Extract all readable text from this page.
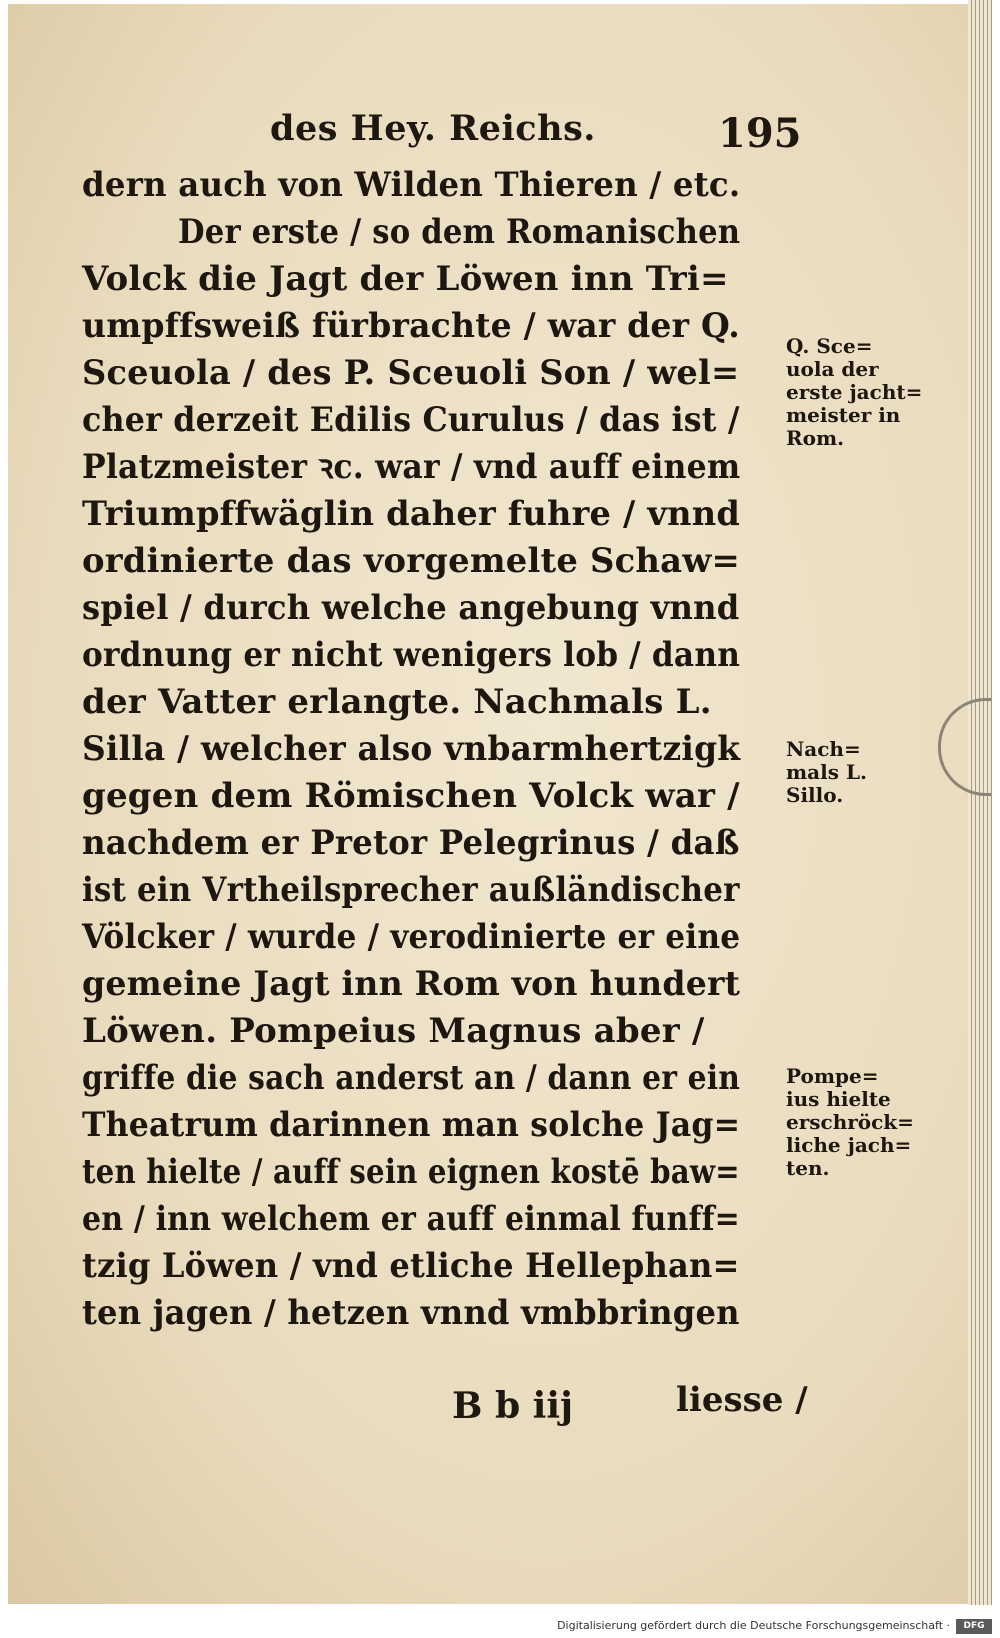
des Hey. Reichs.	195
dern auch von Wilden Thieren / etc.
Der erste / so dem Romanischen
Volck die Jagt der Löwen inn Tri=
umpffsweiß fürbrachte / war der Q.
Sceuola / des P. Sceuoli Son / wel=
cher derzeit Edilis Curulus / das ist /
Platzmeister ꝛc. war / vnd auff einem
Triumpffwäglin daher fuhre / vnnd
ordinierte das vorgemelte Schaw=
spiel / durch welche angebung vnnd
ordnung er nicht wenigers lob / dann
der Vatter erlangte. Nachmals L.
Silla / welcher also vnbarmhertzigk
gegen dem Römischen Volck war /
nachdem er Pretor Pelegrinus / daß
ist ein Vrtheilsprecher außländischer
Völcker / wurde / verodinierte er eine
gemeine Jagt inn Rom von hundert
Löwen. Pompeius Magnus aber /
griffe die sach anderst an / dann er ein
Theatrum darinnen man solche Jag=
ten hielte / auff sein eignen kostē baw=
en / inn welchem er auff einmal funff=
tzig Löwen / vnd etliche Hellephan=
ten jagen / hetzen vnnd vmbbringen
Q. Sce=
uola der
erste jacht=
meister in
Rom.
Nach=
mals L.
Sillo.
Pompe=
ius hielte
erschröck=
liche jach=
ten.
B b iij	liesse /
Digitalisierung gefördert durch die Deutsche Forschungsgemeinschaft ·	DFG
